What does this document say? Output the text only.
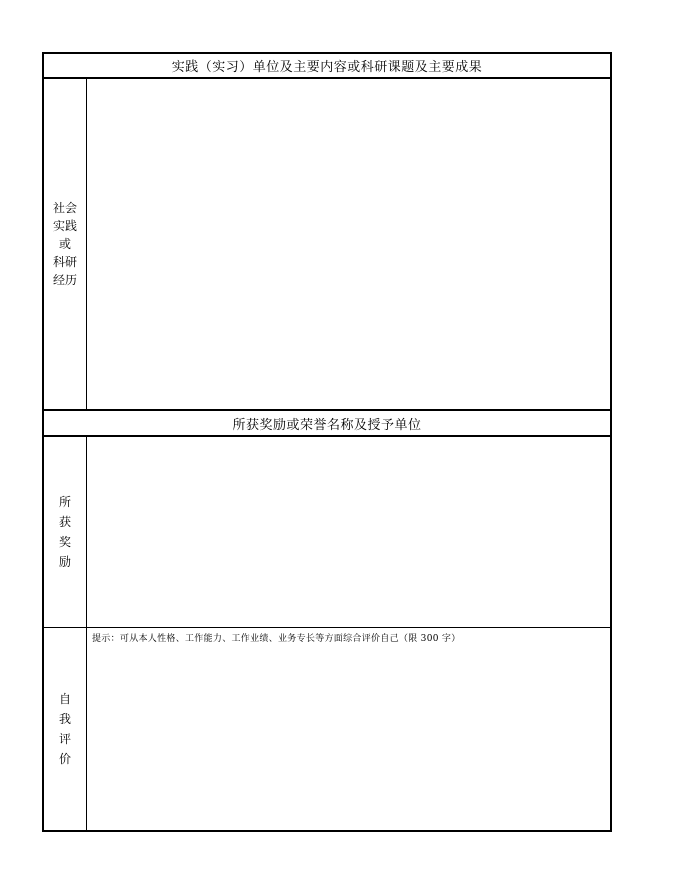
实践（实习）单位及主要内容或科研课题及主要成果
社会
实践
或
科研
经历
所获奖励或荣誉名称及授予单位
所
获
奖
励
自
我
评
价
提示：可从本人性格、工作能力、工作业绩、业务专长等方面综合评价自己（限 300 字）
